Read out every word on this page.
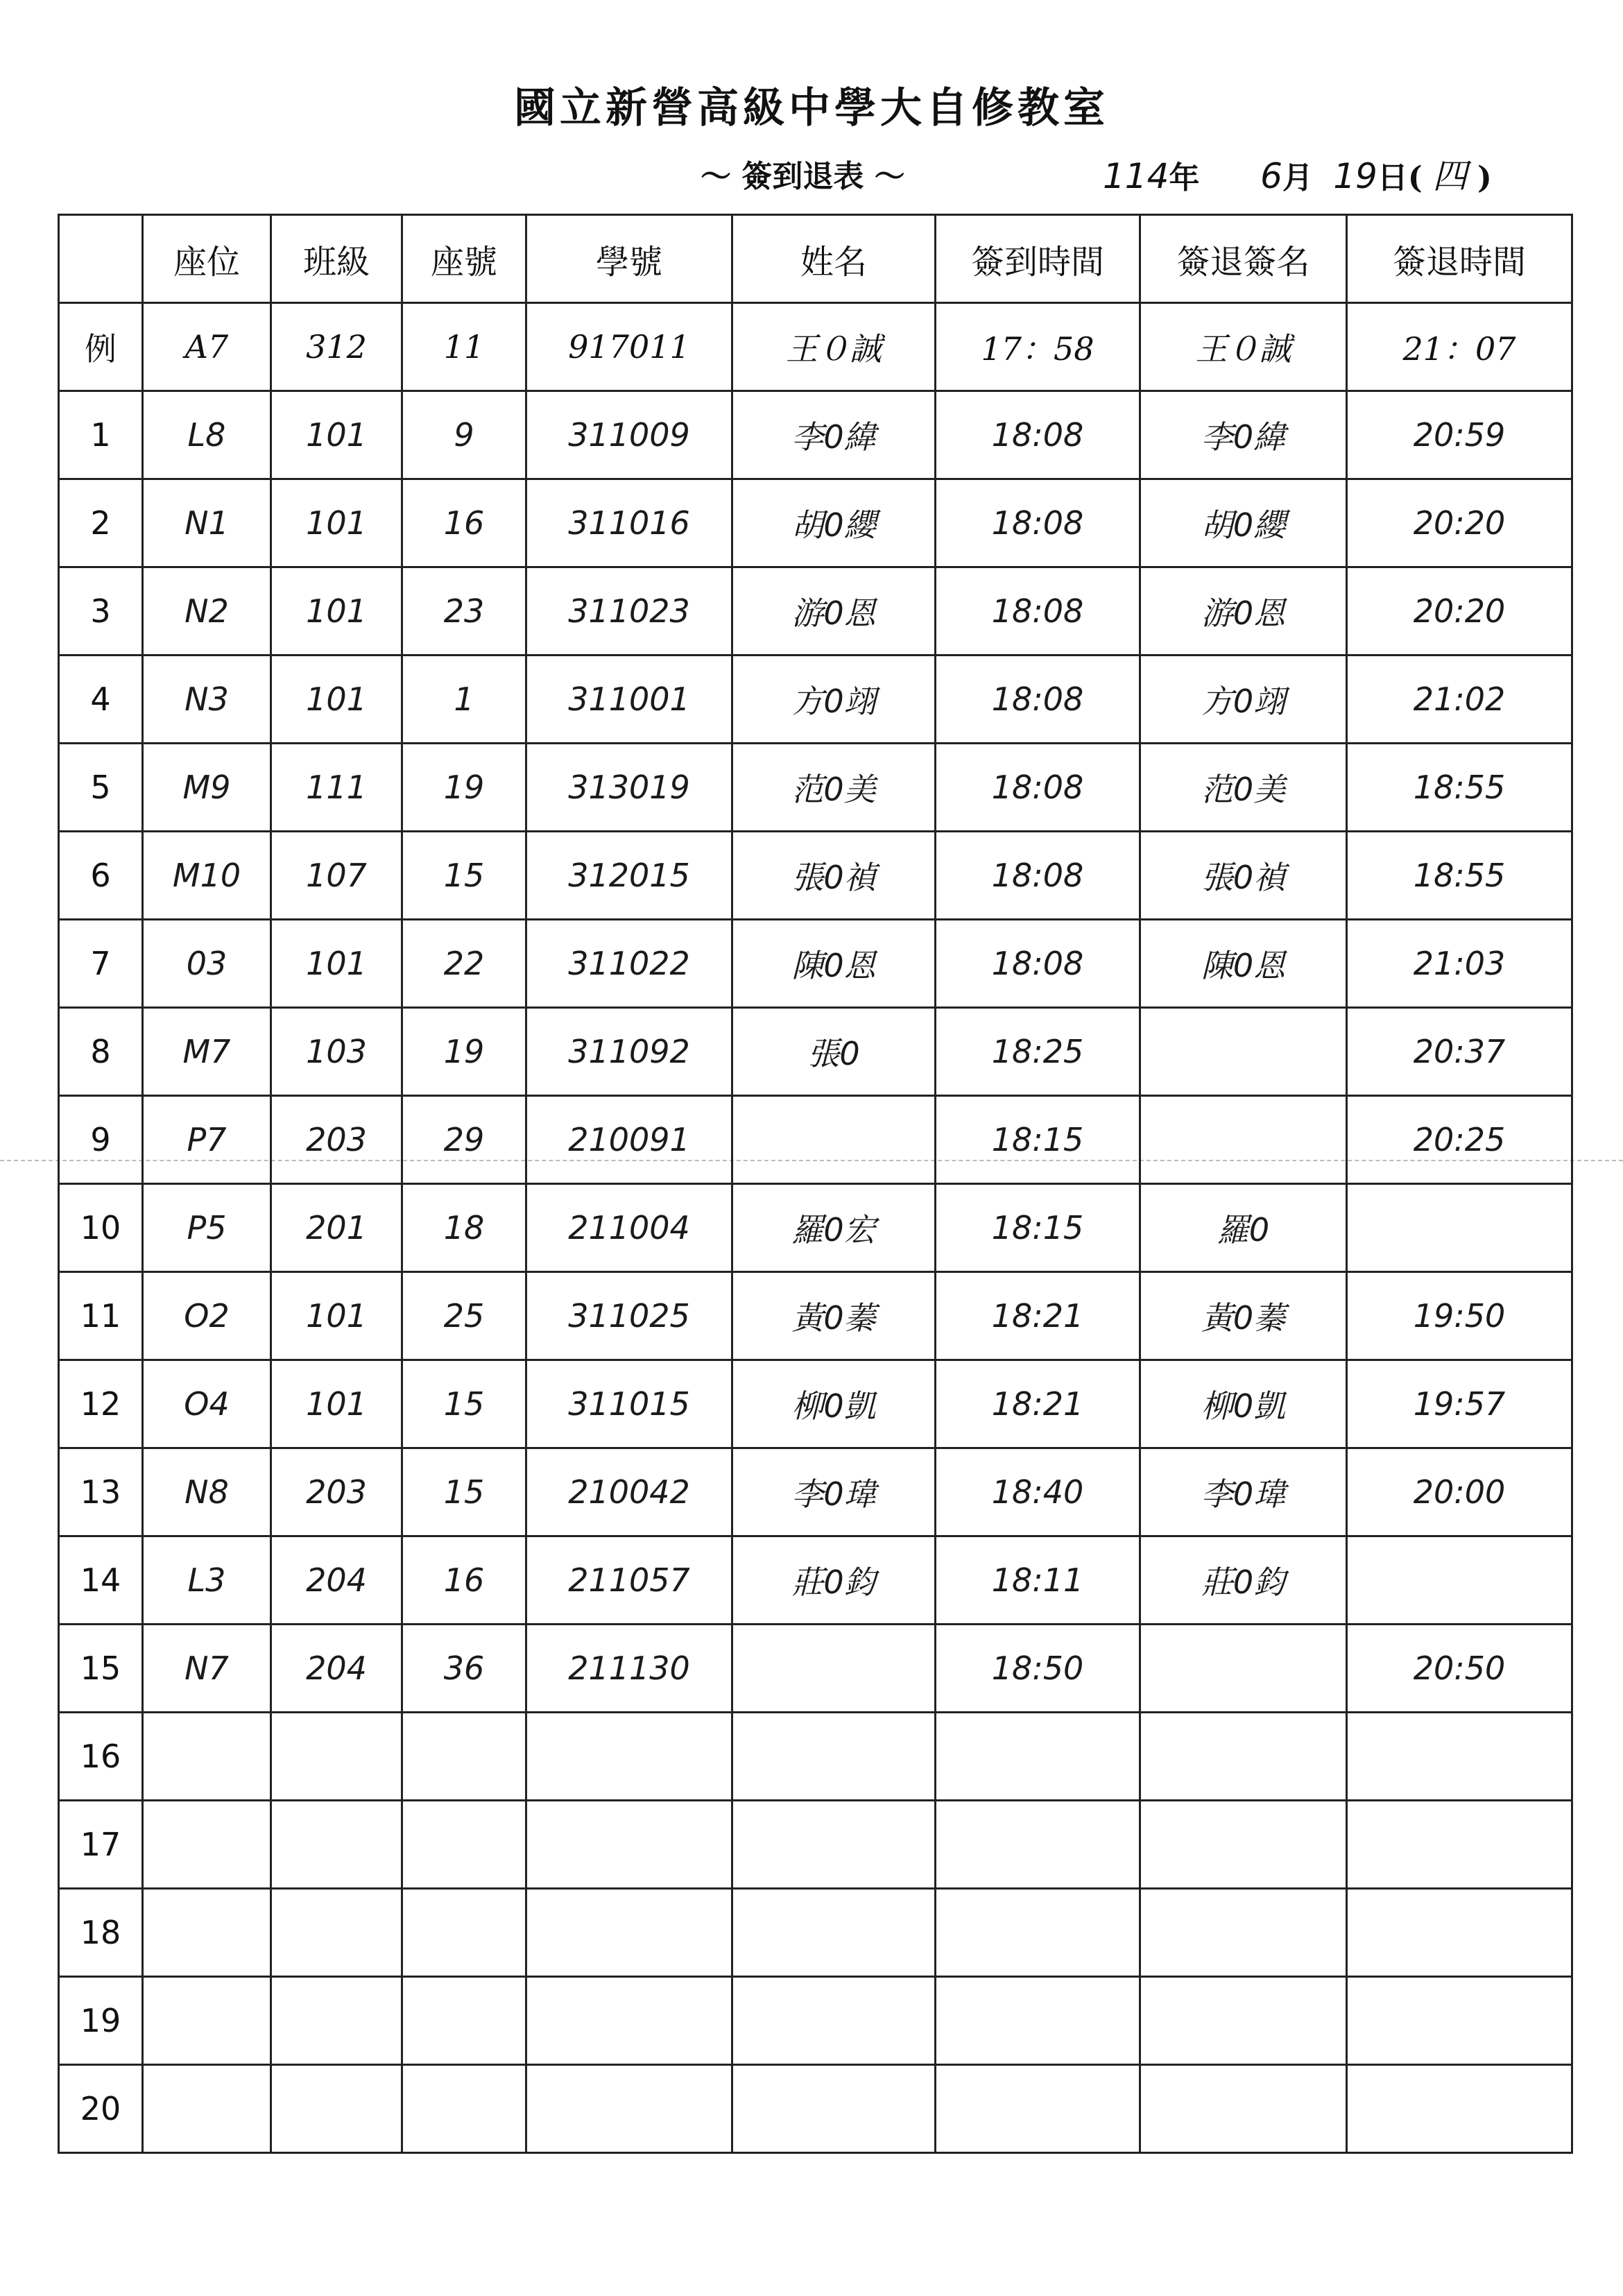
國立新營高級中學大自修教室
～ 簽到退表 ～	114年 6月 19日( 四 )
	座位	班級	座號	學號	姓名	簽到時間	簽退簽名	簽退時間
例	A7	312	11	917011	王０誠	17：58	王０誠	21：07
1	L8	101	9	311009	李0緯	18:08	李0緯	20:59
2	N1	101	16	311016	胡0纓	18:08	胡0纓	20:20
3	N2	101	23	311023	游0恩	18:08	游0恩	20:20
4	N3	101	1	311001	方0翊	18:08	方0翊	21:02
5	M9	111	19	313019	范0美	18:08	范0美	18:55
6	M10	107	15	312015	張0禎	18:08	張0禎	18:55
7	03	101	22	311022	陳0恩	18:08	陳0恩	21:03
8	M7	103	19	311092	張0	18:25		20:37
9	P7	203	29	210091		18:15		20:25
10	P5	201	18	211004	羅0宏	18:15	羅0	
11	O2	101	25	311025	黃0蓁	18:21	黃0蓁	19:50
12	O4	101	15	311015	柳0凱	18:21	柳0凱	19:57
13	N8	203	15	210042	李0瑋	18:40	李0瑋	20:00
14	L3	204	16	211057	莊0鈞	18:11	莊0鈞	
15	N7	204	36	211130		18:50		20:50
16								
17								
18								
19								
20								
